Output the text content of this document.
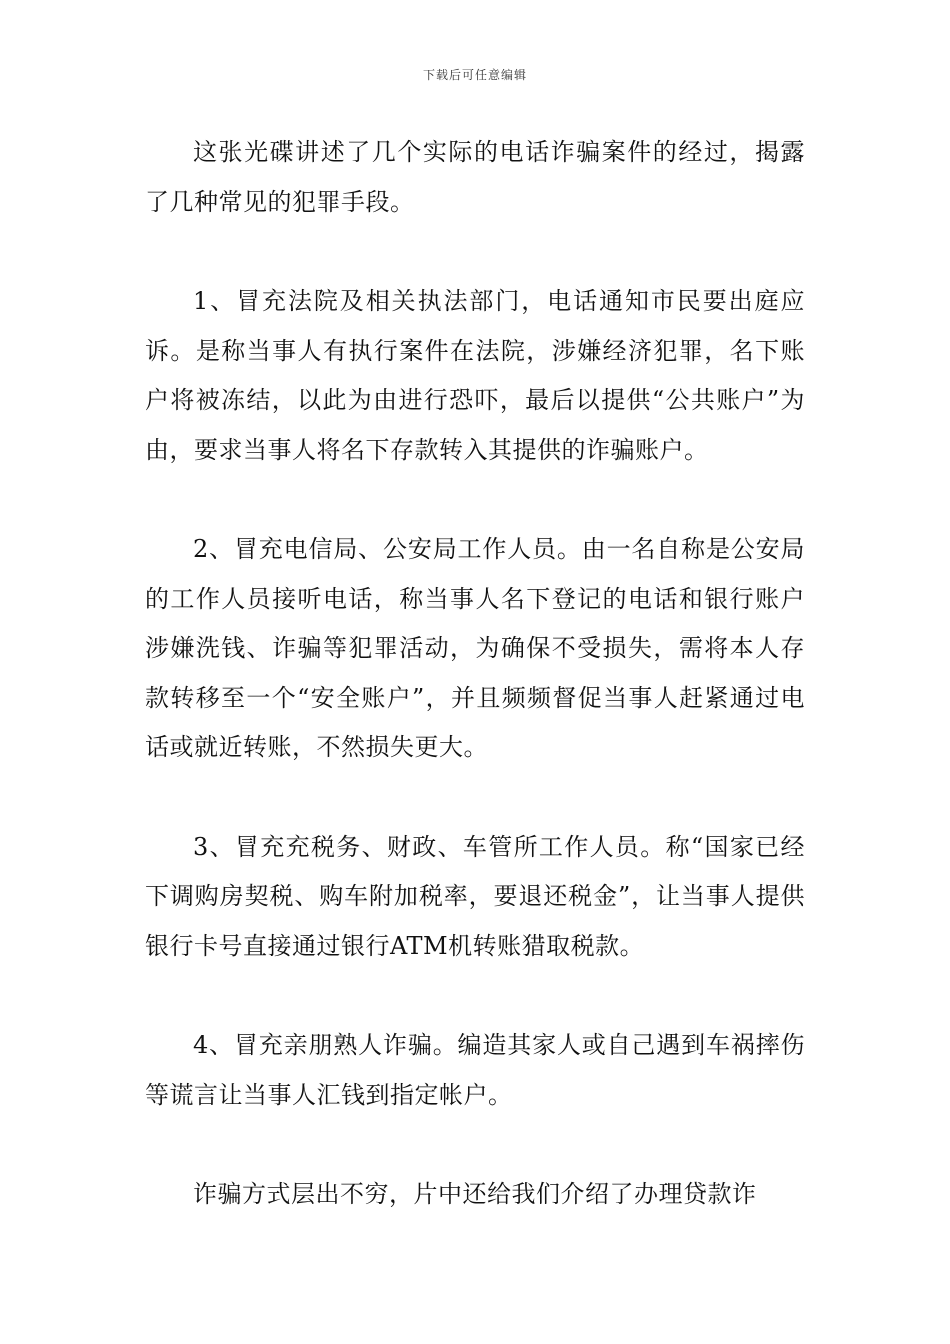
下载后可任意编辑

这张光碟讲述了几个实际的电话诈骗案件的经过，揭露了几种常见的犯罪手段。

1、冒充法院及相关执法部门，电话通知市民要出庭应诉。是称当事人有执行案件在法院，涉嫌经济犯罪，名下账户将被冻结，以此为由进行恐吓，最后以提供“公共账户”为由，要求当事人将名下存款转入其提供的诈骗账户。

2、冒充电信局、公安局工作人员。由一名自称是公安局的工作人员接听电话，称当事人名下登记的电话和银行账户涉嫌洗钱、诈骗等犯罪活动，为确保不受损失，需将本人存款转移至一个“安全账户”，并且频频督促当事人赶紧通过电话或就近转账，不然损失更大。

3、冒充充税务、财政、车管所工作人员。称“国家已经下调购房契税、购车附加税率，要退还税金”，让当事人提供银行卡号直接通过银行ATM机转账猎取税款。

4、冒充亲朋熟人诈骗。编造其家人或自己遇到车祸摔伤等谎言让当事人汇钱到指定帐户。

诈骗方式层出不穷，片中还给我们介绍了办理贷款诈
